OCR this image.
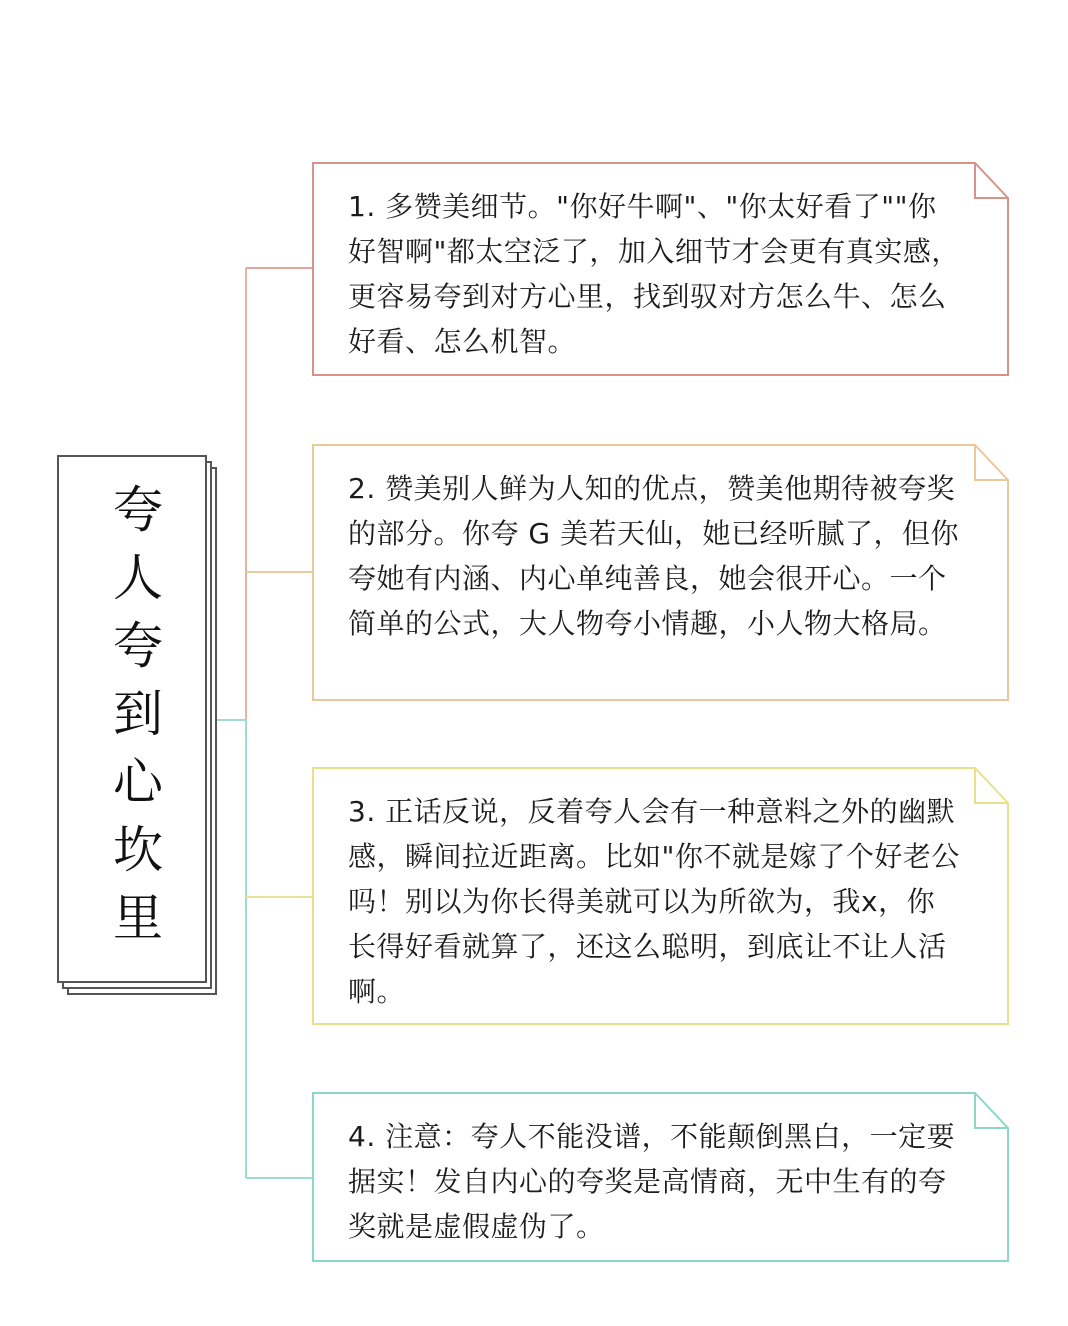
夸人夸到心坎里
1. 多赞美细节。"你好牛啊"、"你太好看了""你好智啊"都太空泛了，加入细节才会更有真实感，更容易夸到对方心里，找到驭对方怎么牛、怎么好看、怎么机智。
2. 赞美别人鲜为人知的优点，赞美他期待被夸奖的部分。你夸 G 美若天仙，她已经听腻了，但你夸她有内涵、内心单纯善良，她会很开心。一个简单的公式，大人物夸小情趣，小人物大格局。
3. 正话反说，反着夸人会有一种意料之外的幽默感，瞬间拉近距离。比如"你不就是嫁了个好老公吗！别以为你长得美就可以为所欲为，我x，你长得好看就算了，还这么聪明，到底让不让人活啊。
4. 注意：夸人不能没谱，不能颠倒黑白，一定要据实！发自内心的夸奖是高情商，无中生有的夸奖就是虚假虚伪了。
